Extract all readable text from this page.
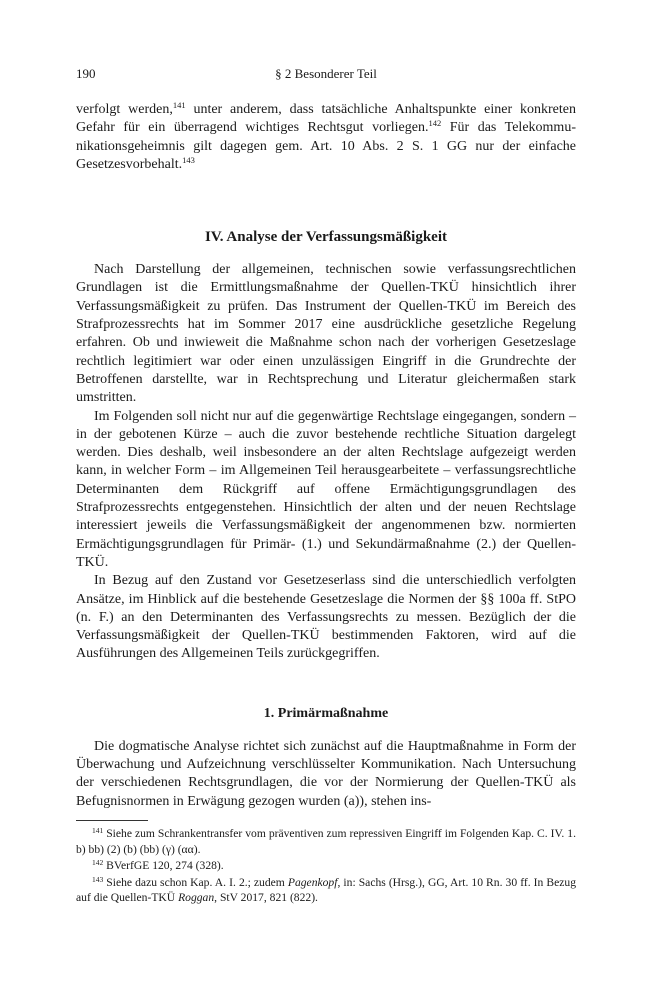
190	§ 2 Besonderer Teil

verfolgt werden,$^{141}$ unter anderem, dass tatsächliche Anhaltspunkte einer konkreten Gefahr für ein überragend wichtiges Rechtsgut vorliegen.$^{142}$ Für das Telekommunikationsgeheimnis gilt dagegen gem. Art. 10 Abs. 2 S. 1 GG nur der einfache Gesetzesvorbehalt.$^{143}$

IV. Analyse der Verfassungsmäßigkeit

Nach Darstellung der allgemeinen, technischen sowie verfassungsrechtlichen Grundlagen ist die Ermittlungsmaßnahme der Quellen-TKÜ hinsichtlich ihrer Verfassungsmäßigkeit zu prüfen. Das Instrument der Quellen-TKÜ im Bereich des Strafprozessrechts hat im Sommer 2017 eine ausdrückliche gesetzliche Regelung erfahren. Ob und inwieweit die Maßnahme schon nach der vorherigen Gesetzeslage rechtlich legitimiert war oder einen unzulässigen Eingriff in die Grundrechte der Betroffenen darstellte, war in Rechtsprechung und Literatur gleichermaßen stark umstritten.

Im Folgenden soll nicht nur auf die gegenwärtige Rechtslage eingegangen, sondern – in der gebotenen Kürze – auch die zuvor bestehende rechtliche Situation dargelegt werden. Dies deshalb, weil insbesondere an der alten Rechtslage aufgezeigt werden kann, in welcher Form – im Allgemeinen Teil herausgearbeitete – verfassungsrechtliche Determinanten dem Rückgriff auf offene Ermächtigungsgrundlagen des Strafprozessrechts entgegenstehen. Hinsichtlich der alten und der neuen Rechtslage interessiert jeweils die Verfassungsmäßigkeit der angenommenen bzw. normierten Ermächtigungsgrundlagen für Primär- (1.) und Sekundärmaßnahme (2.) der Quellen-TKÜ.

In Bezug auf den Zustand vor Gesetzeserlass sind die unterschiedlich verfolgten Ansätze, im Hinblick auf die bestehende Gesetzeslage die Normen der §§ 100a ff. StPO (n. F.) an den Determinanten des Verfassungsrechts zu messen. Bezüglich der die Verfassungsmäßigkeit der Quellen-TKÜ bestimmenden Faktoren, wird auf die Ausführungen des Allgemeinen Teils zurückgegriffen.

1. Primärmaßnahme

Die dogmatische Analyse richtet sich zunächst auf die Hauptmaßnahme in Form der Überwachung und Aufzeichnung verschlüsselter Kommunikation. Nach Untersuchung der verschiedenen Rechtsgrundlagen, die vor der Normierung der Quellen-TKÜ als Befugnisnormen in Erwägung gezogen wurden (a)), stehen ins-

$^{141}$ Siehe zum Schrankentransfer vom präventiven zum repressiven Eingriff im Folgenden Kap. C. IV. 1. b) bb) (2) (b) (bb) (γ) (αα).

$^{142}$ BVerfGE 120, 274 (328).

$^{143}$ Siehe dazu schon Kap. A. I. 2.; zudem Pagenkopf, in: Sachs (Hrsg.), GG, Art. 10 Rn. 30 ff. In Bezug auf die Quellen-TKÜ Roggan, StV 2017, 821 (822).
